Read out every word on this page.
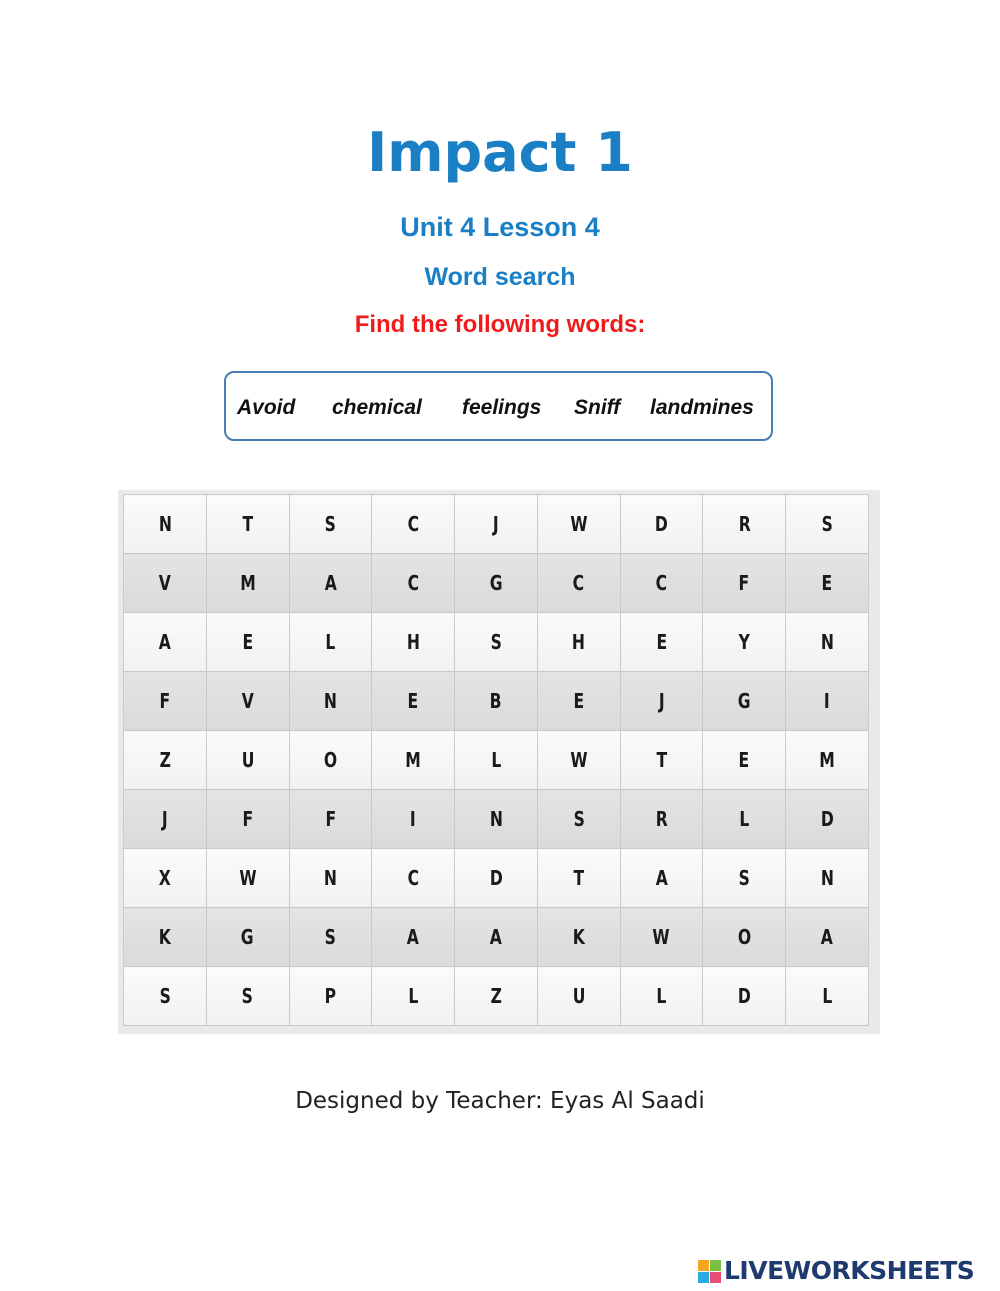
Impact 1
Unit 4 Lesson 4
Word search
Find the following words:
Avoid chemical feelings Sniff landmines
N	T	S	C	J	W	D	R	S
V	M	A	C	G	C	C	F	E
A	E	L	H	S	H	E	Y	N
F	V	N	E	B	E	J	G	I
Z	U	O	M	L	W	T	E	M
J	F	F	I	N	S	R	L	D
X	W	N	C	D	T	A	S	N
K	G	S	A	A	K	W	O	A
S	S	P	L	Z	U	L	D	L
Designed by Teacher: Eyas Al Saadi
LIVEWORKSHEETS
